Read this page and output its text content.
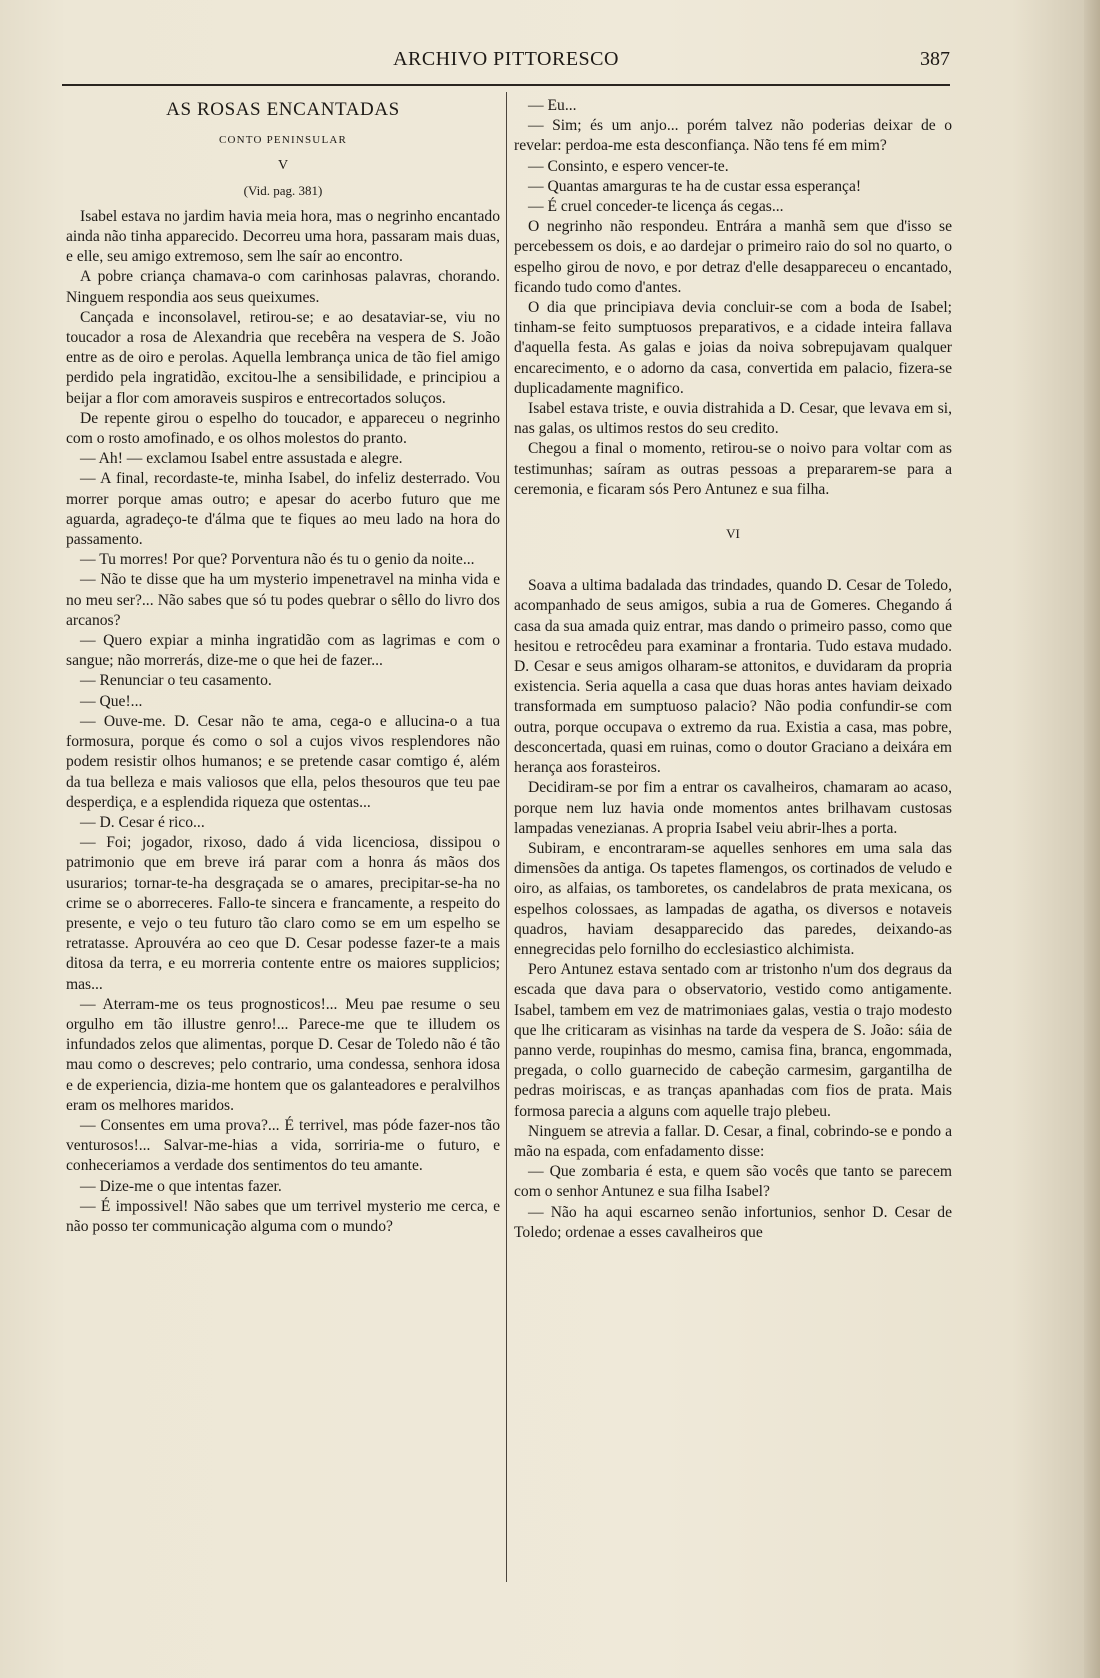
ARCHIVO PITTORESCO	387
AS ROSAS ENCANTADAS
CONTO PENINSULAR
V
(Vid. pag. 381)

Isabel estava no jardim havia meia hora, mas o negrinho encantado ainda não tinha apparecido. Decorreu uma hora, passaram mais duas, e elle, seu amigo extremoso, sem lhe saír ao encontro.

A pobre criança chamava-o com carinhosas palavras, chorando. Ninguem respondia aos seus queixumes.

Cançada e inconsolavel, retirou-se; e ao desataviar-se, viu no toucador a rosa de Alexandria que recebêra na vespera de S. João entre as de oiro e perolas. Aquella lembrança unica de tão fiel amigo perdido pela ingratidão, excitou-lhe a sensibilidade, e principiou a beijar a flor com amoraveis suspiros e entrecortados soluços.

De repente girou o espelho do toucador, e appareceu o negrinho com o rosto amofinado, e os olhos molestos do pranto.

— Ah! — exclamou Isabel entre assustada e alegre.

— A final, recordaste-te, minha Isabel, do infeliz desterrado. Vou morrer porque amas outro; e apesar do acerbo futuro que me aguarda, agradeço-te d'álma que te fiques ao meu lado na hora do passamento.

— Tu morres! Por que? Porventura não és tu o genio da noite...

— Não te disse que ha um mysterio impenetravel na minha vida e no meu ser?... Não sabes que só tu podes quebrar o sêllo do livro dos arcanos?

— Quero expiar a minha ingratidão com as lagrimas e com o sangue; não morrerás, dize-me o que hei de fazer...

— Renunciar o teu casamento.

— Que!...

— Ouve-me. D. Cesar não te ama, cega-o e allucina-o a tua formosura, porque és como o sol a cujos vivos resplendores não podem resistir olhos humanos; e se pretende casar comtigo é, além da tua belleza e mais valiosos que ella, pelos thesouros que teu pae desperdiça, e a esplendida riqueza que ostentas...

— D. Cesar é rico...

— Foi; jogador, rixoso, dado á vida licenciosa, dissipou o patrimonio que em breve irá parar com a honra ás mãos dos usurarios; tornar-te-ha desgraçada se o amares, precipitar-se-ha no crime se o aborreceres. Fallo-te sincera e francamente, a respeito do presente, e vejo o teu futuro tão claro como se em um espelho se retratasse. Aprouvéra ao ceo que D. Cesar podesse fazer-te a mais ditosa da terra, e eu morreria contente entre os maiores supplicios; mas...

— Aterram-me os teus prognosticos!... Meu pae resume o seu orgulho em tão illustre genro!... Parece-me que te illudem os infundados zelos que alimentas, porque D. Cesar de Toledo não é tão mau como o descreves; pelo contrario, uma condessa, senhora idosa e de experiencia, dizia-me hontem que os galanteadores e peralvilhos eram os melhores maridos.

— Consentes em uma prova?... É terrivel, mas póde fazer-nos tão venturosos!... Salvar-me-hias a vida, sorriria-me o futuro, e conheceriamos a verdade dos sentimentos do teu amante.

— Dize-me o que intentas fazer.

— É impossivel! Não sabes que um terrivel mysterio me cerca, e não posso ter communicação alguma com o mundo?

— Eu...

— Sim; és um anjo... porém talvez não poderias deixar de o revelar: perdoa-me esta desconfiança. Não tens fé em mim?

— Consinto, e espero vencer-te.

— Quantas amarguras te ha de custar essa esperança!

— É cruel conceder-te licença ás cegas...

O negrinho não respondeu. Entrára a manhã sem que d'isso se percebessem os dois, e ao dardejar o primeiro raio do sol no quarto, o espelho girou de novo, e por detraz d'elle desappareceu o encantado, ficando tudo como d'antes.

O dia que principiava devia concluir-se com a boda de Isabel; tinham-se feito sumptuosos preparativos, e a cidade inteira fallava d'aquella festa. As galas e joias da noiva sobrepujavam qualquer encarecimento, e o adorno da casa, convertida em palacio, fizera-se duplicadamente magnifico.

Isabel estava triste, e ouvia distrahida a D. Cesar, que levava em si, nas galas, os ultimos restos do seu credito.

Chegou a final o momento, retirou-se o noivo para voltar com as testimunhas; saíram as outras pessoas a prepararem-se para a ceremonia, e ficaram sós Pero Antunez e sua filha.

VI

Soava a ultima badalada das trindades, quando D. Cesar de Toledo, acompanhado de seus amigos, subia a rua de Gomeres. Chegando á casa da sua amada quiz entrar, mas dando o primeiro passo, como que hesitou e retrocêdeu para examinar a frontaria. Tudo estava mudado. D. Cesar e seus amigos olharam-se attonitos, e duvidaram da propria existencia. Seria aquella a casa que duas horas antes haviam deixado transformada em sumptuoso palacio? Não podia confundir-se com outra, porque occupava o extremo da rua. Existia a casa, mas pobre, desconcertada, quasi em ruinas, como o doutor Graciano a deixára em herança aos forasteiros.

Decidiram-se por fim a entrar os cavalheiros, chamaram ao acaso, porque nem luz havia onde momentos antes brilhavam custosas lampadas venezianas. A propria Isabel veiu abrir-lhes a porta.

Subiram, e encontraram-se aquelles senhores em uma sala das dimensões da antiga. Os tapetes flamengos, os cortinados de veludo e oiro, as alfaias, os tamboretes, os candelabros de prata mexicana, os espelhos colossaes, as lampadas de agatha, os diversos e notaveis quadros, haviam desapparecido das paredes, deixando-as ennegrecidas pelo fornilho do ecclesiastico alchimista.

Pero Antunez estava sentado com ar tristonho n'um dos degraus da escada que dava para o observatorio, vestido como antigamente. Isabel, tambem em vez de matrimoniaes galas, vestia o trajo modesto que lhe criticaram as visinhas na tarde da vespera de S. João: sáia de panno verde, roupinhas do mesmo, camisa fina, branca, engommada, pregada, o collo guarnecido de cabeção carmesim, gargantilha de pedras moiriscas, e as tranças apanhadas com fios de prata. Mais formosa parecia a alguns com aquelle trajo plebeu.

Ninguem se atrevia a fallar. D. Cesar, a final, cobrindo-se e pondo a mão na espada, com enfadamento disse:

— Que zombaria é esta, e quem são vocês que tanto se parecem com o senhor Antunez e sua filha Isabel?

— Não ha aqui escarneo senão infortunios, senhor D. Cesar de Toledo; ordenae a esses cavalheiros que
